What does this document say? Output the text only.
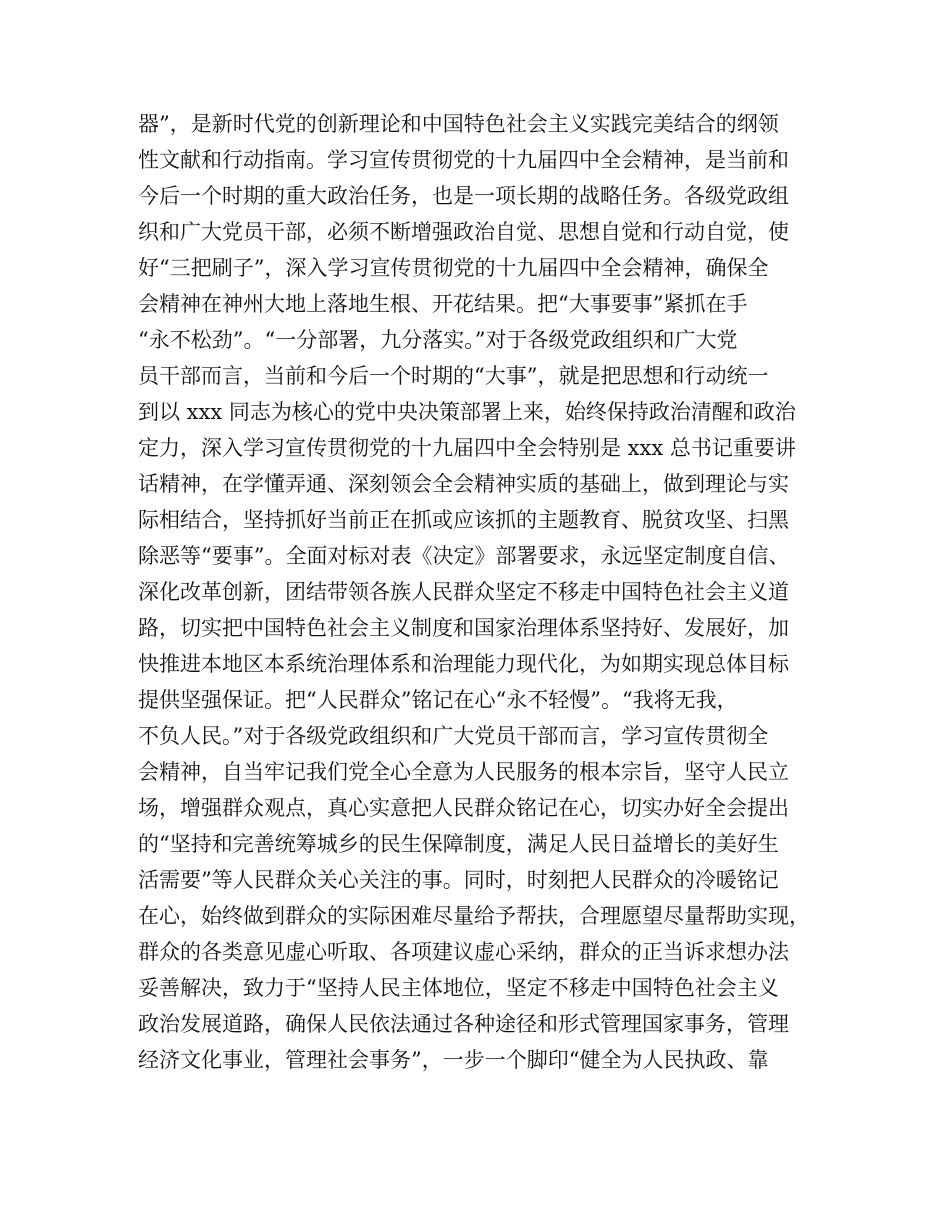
器”，是新时代党的创新理论和中国特色社会主义实践完美结合的纲领
性文献和行动指南。学习宣传贯彻党的十九届四中全会精神，是当前和
今后一个时期的重大政治任务，也是一项长期的战略任务。各级党政组
织和广大党员干部，必须不断增强政治自觉、思想自觉和行动自觉，使
好“三把刷子”，深入学习宣传贯彻党的十九届四中全会精神，确保全
会精神在神州大地上落地生根、开花结果。把“大事要事”紧抓在手
“永不松劲”。“一分部署，九分落实。”对于各级党政组织和广大党
员干部而言，当前和今后一个时期的“大事”，就是把思想和行动统一
到以 xxx 同志为核心的党中央决策部署上来，始终保持政治清醒和政治
定力，深入学习宣传贯彻党的十九届四中全会特别是 xxx 总书记重要讲
话精神，在学懂弄通、深刻领会全会精神实质的基础上，做到理论与实
际相结合，坚持抓好当前正在抓或应该抓的主题教育、脱贫攻坚、扫黑
除恶等“要事”。全面对标对表《决定》部署要求，永远坚定制度自信、
深化改革创新，团结带领各族人民群众坚定不移走中国特色社会主义道
路，切实把中国特色社会主义制度和国家治理体系坚持好、发展好，加
快推进本地区本系统治理体系和治理能力现代化，为如期实现总体目标
提供坚强保证。把“人民群众”铭记在心“永不轻慢”。“我将无我，
不负人民。”对于各级党政组织和广大党员干部而言，学习宣传贯彻全
会精神，自当牢记我们党全心全意为人民服务的根本宗旨，坚守人民立
场，增强群众观点，真心实意把人民群众铭记在心，切实办好全会提出
的“坚持和完善统筹城乡的民生保障制度，满足人民日益增长的美好生
活需要”等人民群众关心关注的事。同时，时刻把人民群众的冷暖铭记
在心，始终做到群众的实际困难尽量给予帮扶，合理愿望尽量帮助实现，
群众的各类意见虚心听取、各项建议虚心采纳，群众的正当诉求想办法
妥善解决，致力于“坚持人民主体地位，坚定不移走中国特色社会主义
政治发展道路，确保人民依法通过各种途径和形式管理国家事务，管理
经济文化事业，管理社会事务”，一步一个脚印“健全为人民执政、靠
